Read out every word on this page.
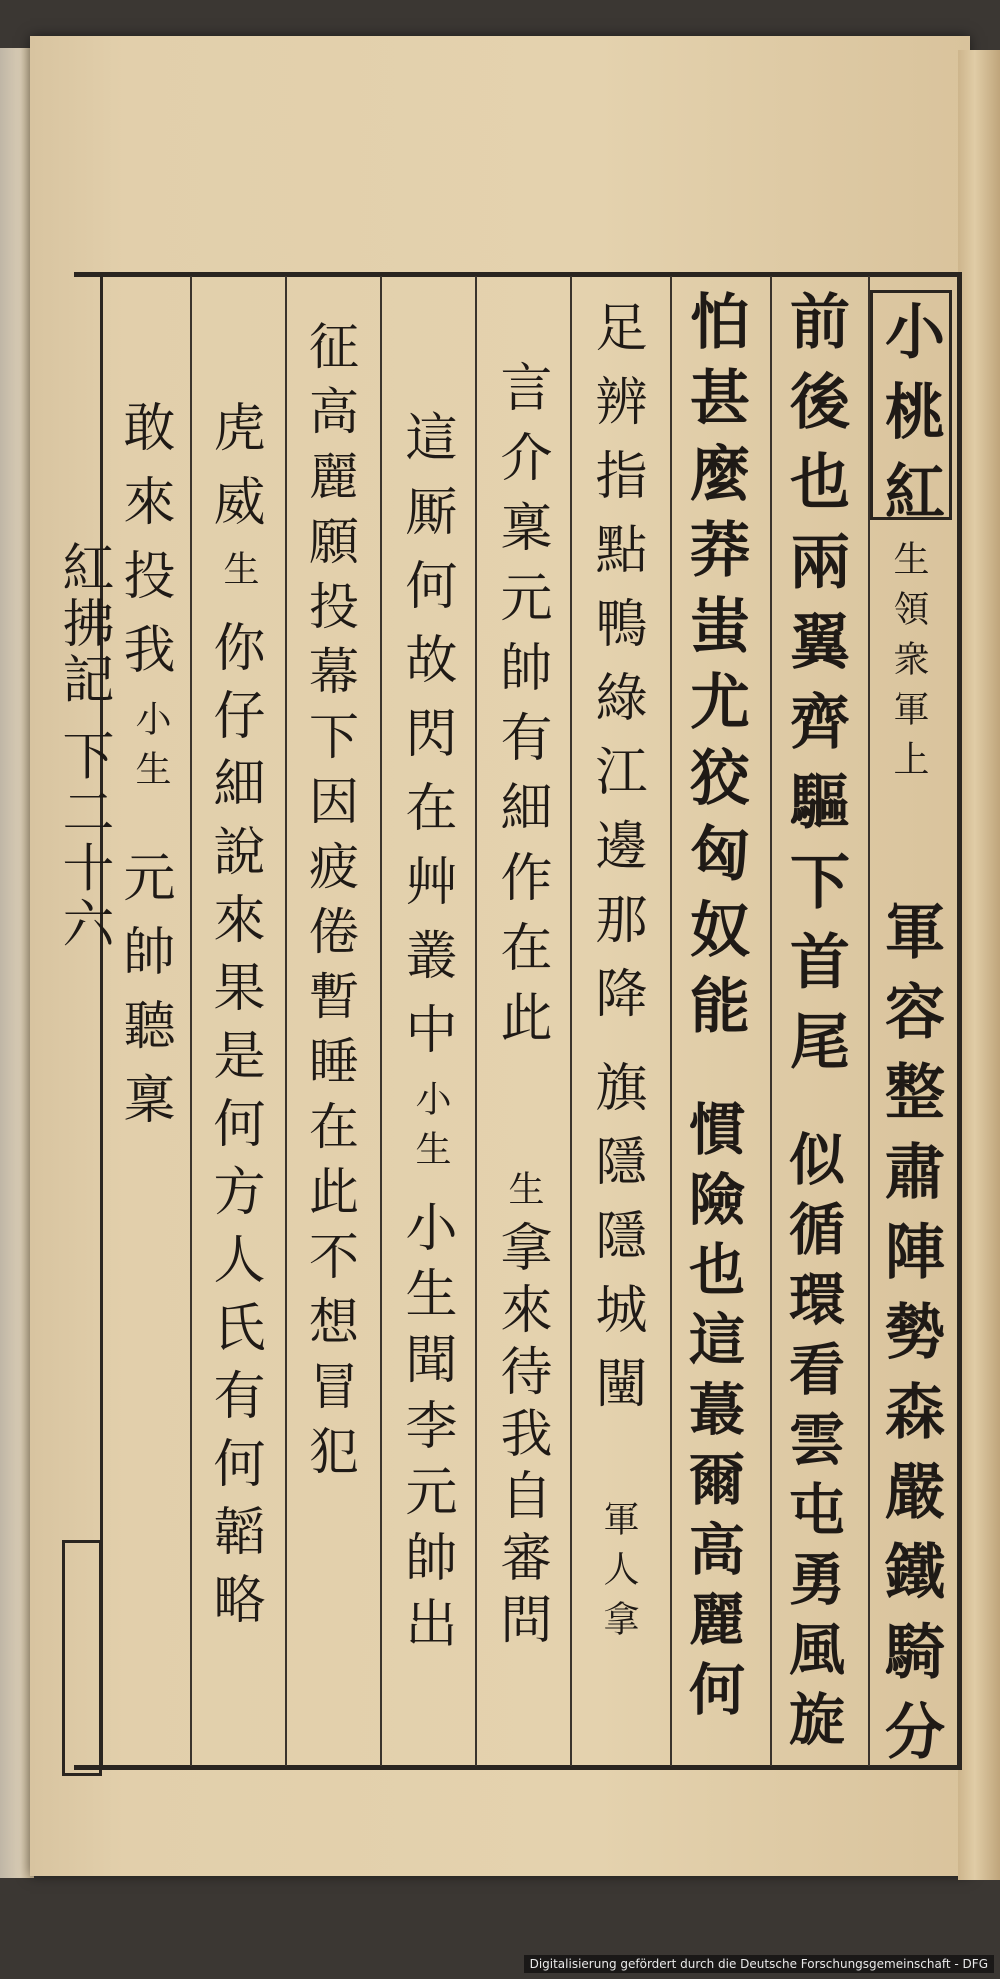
紅拂記 下二十六
小桃紅
生領衆軍上
軍容整肅陣勢森嚴鐵騎分
前後也兩翼齊驅下首尾
似循環看雲屯勇風旋
怕甚麼莽蚩尤狡匈奴能
慣險也這蕞爾高麗何
足辨指點鴨綠江邊那降
旗隱隱城闉
軍人拿
言介稟元帥有細作在此
生
拿來待我自審問
這厮何故閃在艸叢中
小生
小生聞李元帥出
征高麗願投幕下因疲倦暫睡在此不想冒犯
虎威
生
你仔細說來果是何方人氏有何韜略
敢來投我
小生
元帥聽稟
Digitalisierung gefördert durch die Deutsche Forschungsgemeinschaft - DFG
